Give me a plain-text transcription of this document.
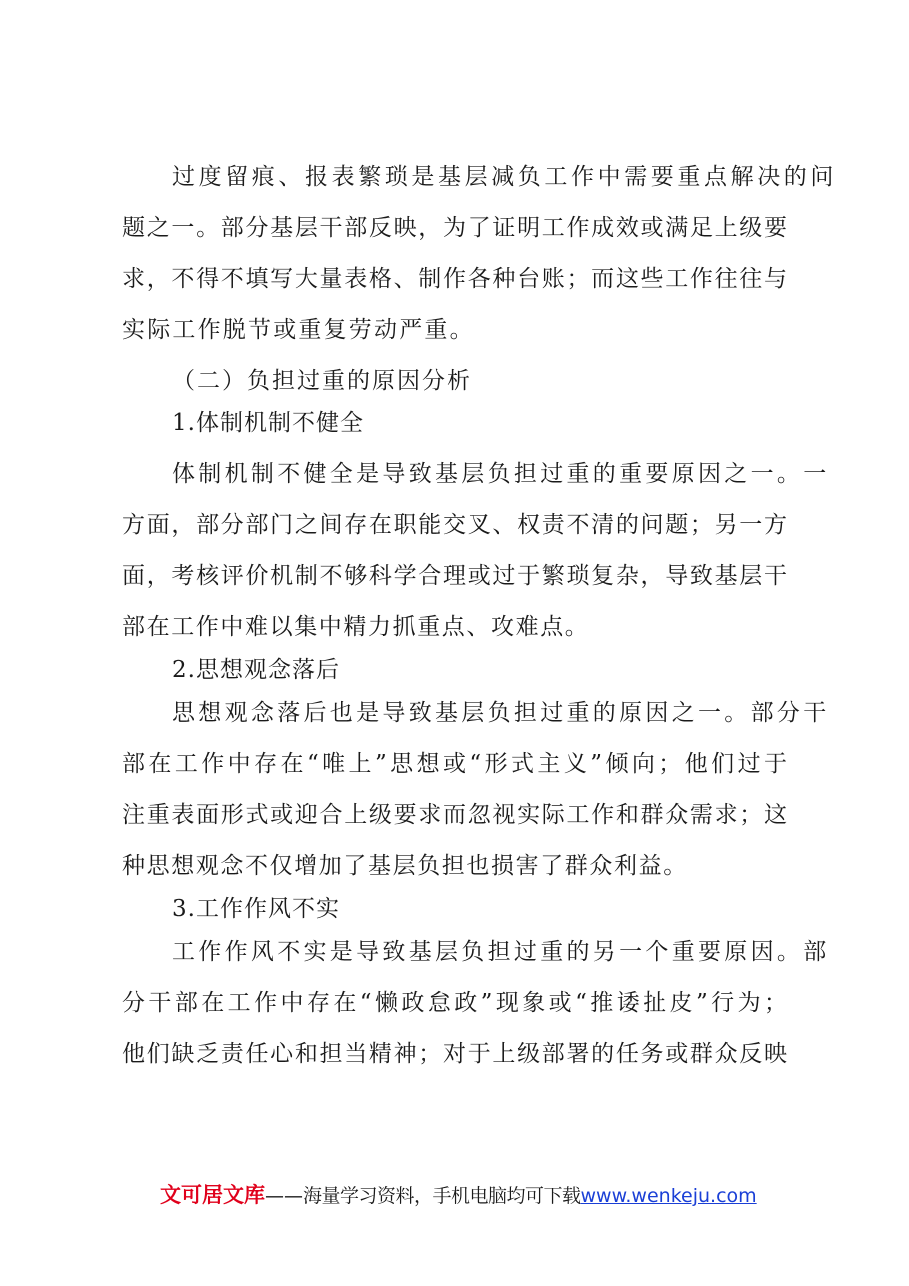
过度留痕、报表繁琐是基层减负工作中需要重点解决的问
题之一。部分基层干部反映，为了证明工作成效或满足上级要
求，不得不填写大量表格、制作各种台账；而这些工作往往与
实际工作脱节或重复劳动严重。
（二）负担过重的原因分析
1.体制机制不健全
体制机制不健全是导致基层负担过重的重要原因之一。一
方面，部分部门之间存在职能交叉、权责不清的问题；另一方
面，考核评价机制不够科学合理或过于繁琐复杂，导致基层干
部在工作中难以集中精力抓重点、攻难点。
2.思想观念落后
思想观念落后也是导致基层负担过重的原因之一。部分干
部在工作中存在“唯上”思想或“形式主义”倾向；他们过于
注重表面形式或迎合上级要求而忽视实际工作和群众需求；这
种思想观念不仅增加了基层负担也损害了群众利益。
3.工作作风不实
工作作风不实是导致基层负担过重的另一个重要原因。部
分干部在工作中存在“懒政怠政”现象或“推诿扯皮”行为；
他们缺乏责任心和担当精神；对于上级部署的任务或群众反映
文可居文库——海量学习资料，手机电脑均可下载www.wenkeju.com
